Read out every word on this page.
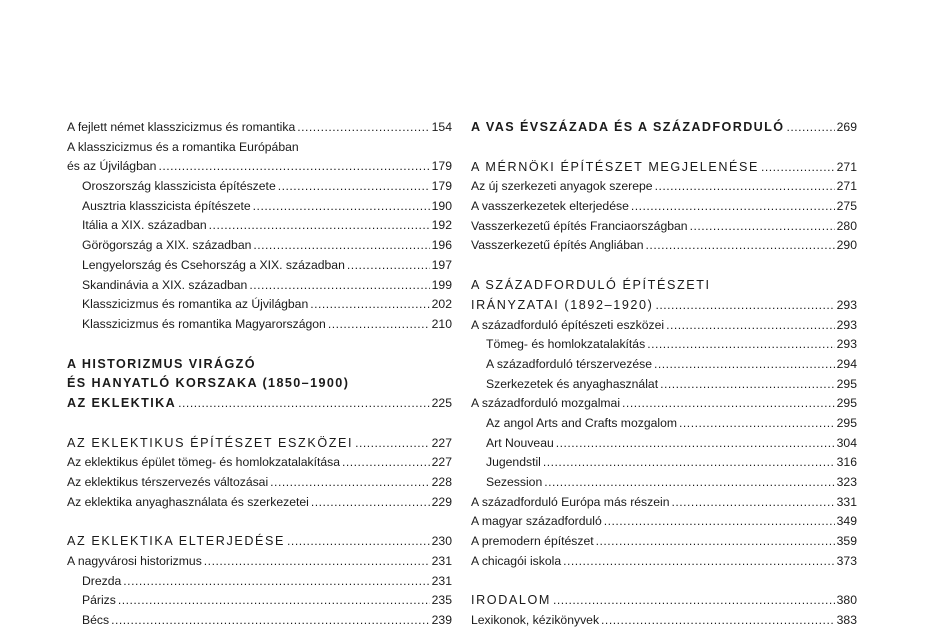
A fejlett német klasszicizmus és romantika .....	154
A klasszicizmus és a romantika Európában
és az Újvilágban .....	179
Oroszország klasszicista építészete .....	179
Ausztria klasszicista építészete .....	190
Itália a XIX. században .....	192
Görögország a XIX. században .....	196
Lengyelország és Csehország a XIX. században .....	197
Skandinávia a XIX. században .....	199
Klasszicizmus és romantika az Újvilágban .....	202
Klasszicizmus és romantika Magyarországon .....	210
A HISTORIZMUS VIRÁGZÓ
ÉS HANYATLÓ KORSZAKA (1850–1900)
AZ EKLEKTIKA .....	225
AZ EKLEKTIKUS ÉPÍTÉSZET ESZKÖZEI .....	227
Az eklektikus épület tömeg- és homlokzatalakítása .....	227
Az eklektikus térszervezés változásai .....	228
Az eklektika anyaghasználata és szerkezetei .....	229
AZ EKLEKTIKA ELTERJEDÉSE .....	230
A nagyvárosi historizmus .....	231
Drezda .....	231
Párizs .....	235
Bécs .....	239
A VAS ÉVSZÁZADA ÉS A SZÁZADFORDULÓ .....	269
A MÉRNÖKI ÉPÍTÉSZET MEGJELENÉSE .....	271
Az új szerkezeti anyagok szerepe .....	271
A vasszerkezetek elterjedése .....	275
Vasszerkezetű építés Franciaországban .....	280
Vasszerkezetű építés Angliában .....	290
A SZÁZADFORDULÓ ÉPÍTÉSZETI
IRÁNYZATAI (1892–1920) .....	293
A századforduló építészeti eszközei .....	293
Tömeg- és homlokzatalakítás .....	293
A századforduló térszervezése .....	294
Szerkezetek és anyaghasználat .....	295
A századforduló mozgalmai .....	295
Az angol Arts and Crafts mozgalom .....	295
Art Nouveau .....	304
Jugendstil .....	316
Sezession .....	323
A századforduló Európa más részein .....	331
A magyar századforduló .....	349
A premodern építészet .....	359
A chicagói iskola .....	373
IRODALOM .....	380
Lexikonok, kézikönyvek .....	383
